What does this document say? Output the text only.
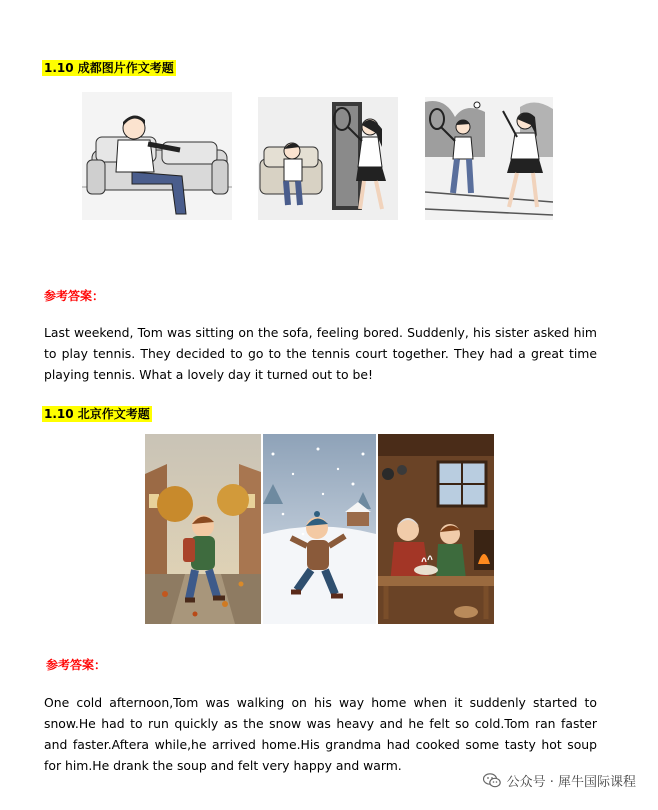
1.10 成都图片作文考题
参考答案：
Last weekend, Tom was sitting on the sofa, feeling bored. Suddenly, his sister asked him to play tennis. They decided to go to the tennis court together. They had a great time playing tennis. What a lovely day it turned out to be!
1.10 北京作文考题
参考答案：
One cold afternoon,Tom was walking on his way home when it suddenly started to snow.He had to run quickly as the snow was heavy and he felt so cold.Tom ran faster and faster.Aftera while,he arrived home.His grandma had cooked some tasty hot soup for him.He drank the soup and felt very happy and warm.
公众号 · 犀牛国际课程
